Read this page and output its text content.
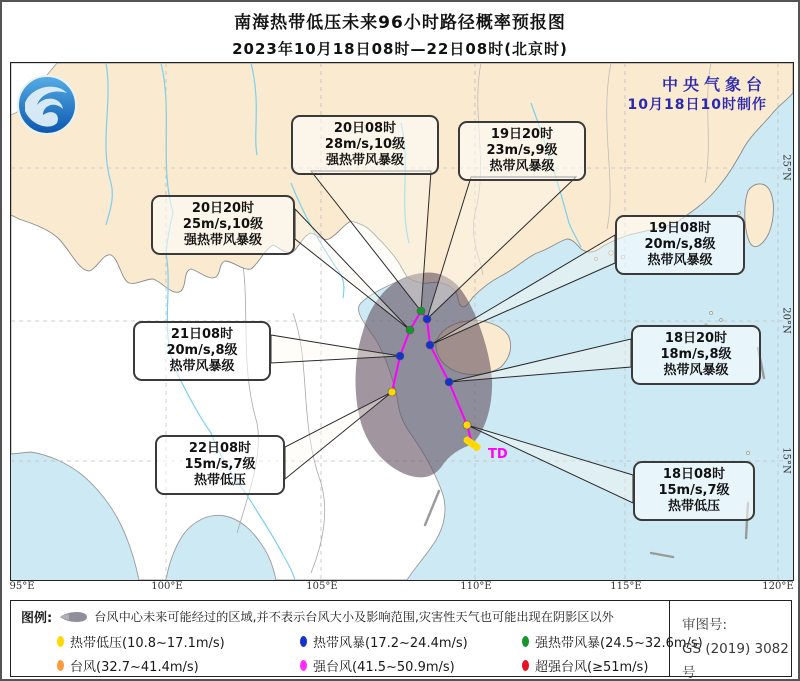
南海热带低压未来96小时路径概率预报图
2023年10月18日08时—22日08时(北京时)
中央气象台
10月18日10时制作
25°N
20°N
15°N
TD
18日08时
15m/s,7级
热带低压
18日20时
18m/s,8级
热带风暴级
19日08时
20m/s,8级
热带风暴级
19日20时
23m/s,9级
热带风暴级
20日08时
28m/s,10级
强热带风暴级
20日20时
25m/s,10级
强热带风暴级
21日08时
20m/s,8级
热带风暴级
22日08时
15m/s,7级
热带低压
95°E	100°E	105°E	110°E	115°E	120°E
图例:	台风中心未来可能经过的区域,并不表示台风大小及影响范围,灾害性天气也可能出现在阴影区以外
热带低压(10.8~17.1m/s)	热带风暴(17.2~24.4m/s)	强热带风暴(24.5~32.6m/s)
台风(32.7~41.4m/s)	强台风(41.5~50.9m/s)	超强台风(≥51m/s)
审图号:
GS (2019) 3082号
